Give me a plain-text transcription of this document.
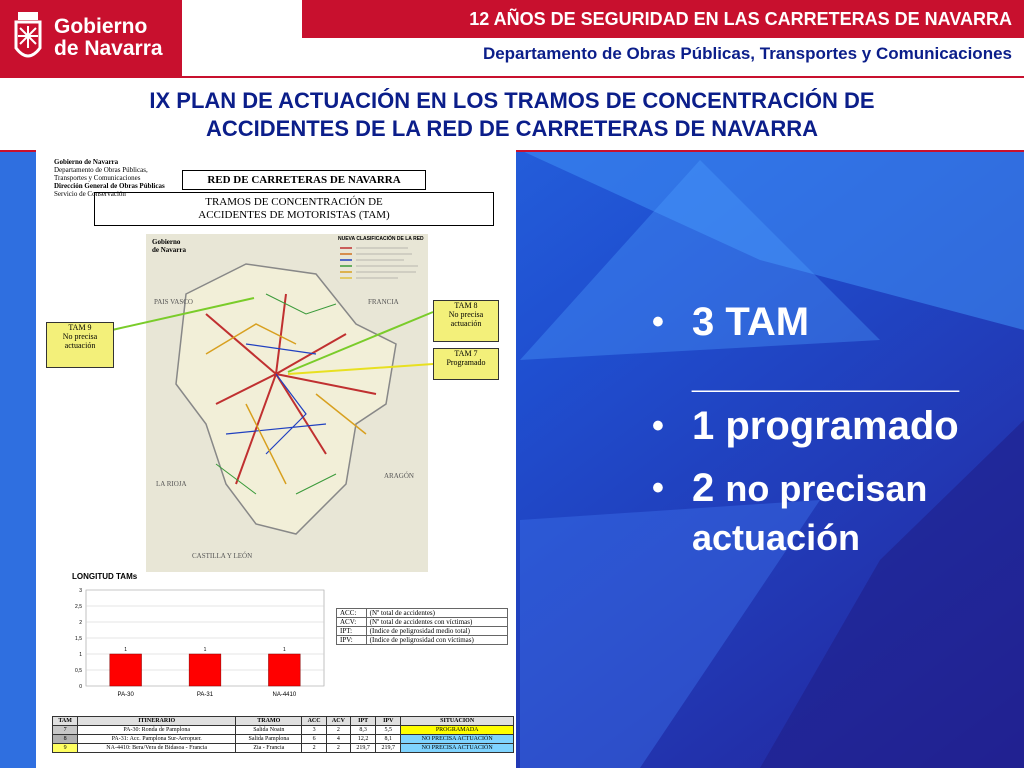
Gobierno
de Navarra
12 AÑOS DE SEGURIDAD EN LAS CARRETERAS DE NAVARRA
Departamento de Obras Públicas, Transportes y Comunicaciones
IX PLAN DE ACTUACIÓN EN LOS TRAMOS DE CONCENTRACIÓN DE
ACCIDENTES DE LA RED DE CARRETERAS DE NAVARRA
Gobierno de Navarra
Departamento de Obras Públicas,
Transportes y Comunicaciones
Dirección General de Obras Públicas
Servicio de Conservación
RED DE CARRETERAS DE NAVARRA
TRAMOS DE CONCENTRACIÓN DE
ACCIDENTES DE MOTORISTAS (TAM)
Gobierno
de Navarra
NUEVA CLASIFICACIÓN DE LA RED
PAIS VASCO	FRANCIA
LA RIOJA
ARAGÓN
CASTILLA Y LEÓN
TAM 9
No precisa
actuación
TAM 8
No precisa
actuación
TAM 7
Programado
LONGITUD TAMs
0
0,5
1
1,5
2
2,5
3
1
PA-30
1
PA-31
1
NA-4410
ACC:	(Nº total de accidentes)
ACV:	(Nº total de accidentes con víctimas)
IPT:	(Indice de peligrosidad medio total)
IPV:	(Indice de peligrosidad con víctimas)
TAM	ITINERARIO	TRAMO	ACC	ACV	IPT	IPV	SITUACION
7	PA-30: Ronda de Pamplona	Salida Noain	3	2	8,3	5,5	PROGRAMADA
8	PA-31: Acc. Pamplona Sur-Aeropuer.	Salida Pamplona	6	4	12,2	8,1	NO PRECISA ACTUACIÓN
9	NA-4410: Bera/Vera de Bidasoa - Francia	Zia - Francia	2	2	219,7	219,7	NO PRECISA ACTUACIÓN
• 3 TAM
____________
• 1 programado
• 2 no precisan
actuación
